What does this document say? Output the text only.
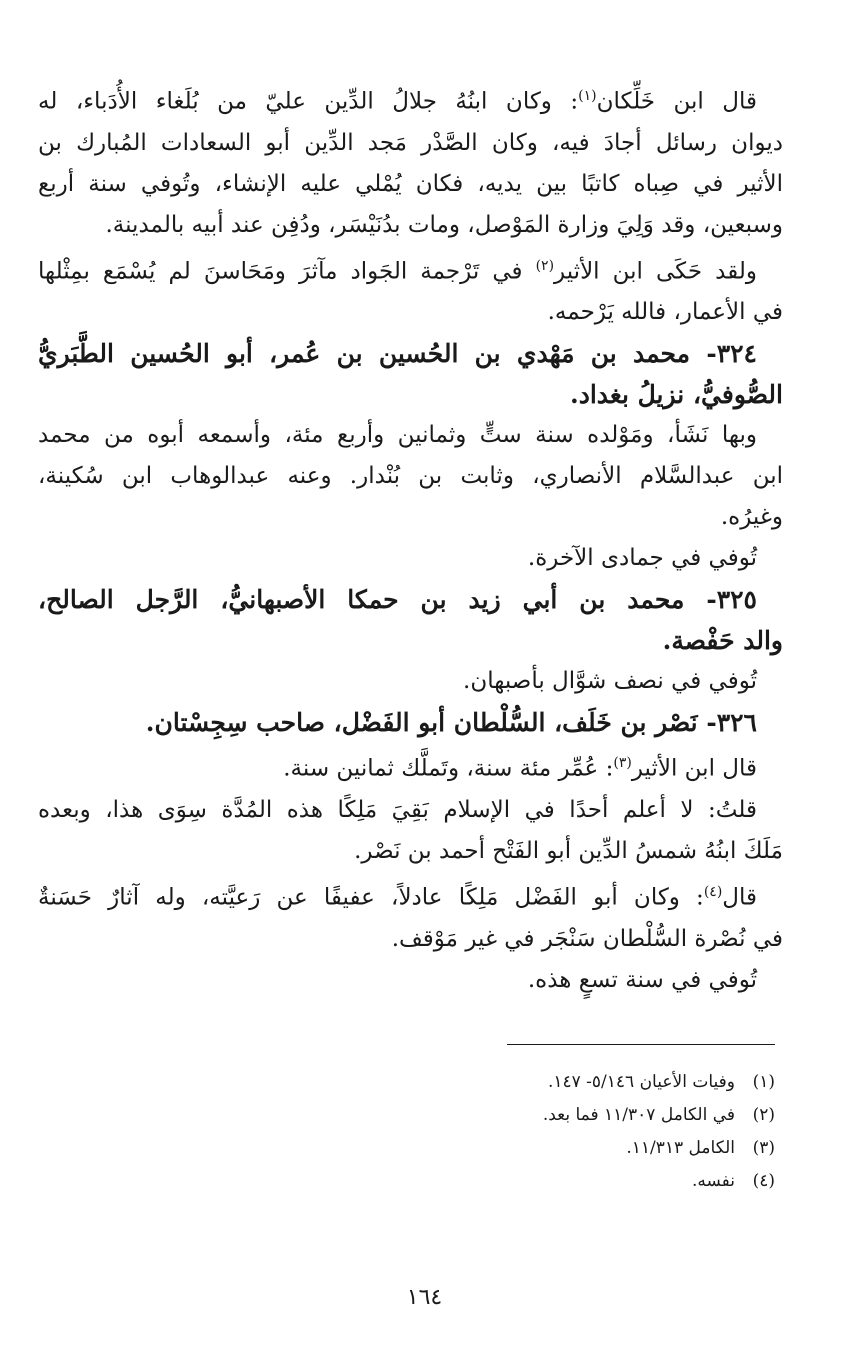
قال ابن خَلِّكان$^{(١)}$: وكان ابنُهُ جلالُ الدِّين عليّ من بُلَغاء الأُدَباء، له
ديوان رسائل أجادَ فيه، وكان الصَّدْر مَجد الدِّين أبو السعادات المُبارك بن
الأثير في صِباه كاتبًا بين يديه، فكان يُمْلي عليه الإنشاء، وتُوفي سنة أربع
وسبعين، وقد وَلِيَ وزارة المَوْصل، ومات بدُنَيْسَر، ودُفِن عند أبيه بالمدينة.
ولقد حَكَى ابن الأثير$^{(٢)}$ في تَرْجمة الجَواد مآثرَ ومَحَاسنَ لم يُسْمَع بمِثْلها
في الأعمار، فالله يَرْحمه.
٣٢٤- محمد بن مَهْدي بن الحُسين بن عُمر، أبو الحُسين الطَّبَريُّ
الصُّوفيُّ، نزيلُ بغداد.
وبها نَشَأ، ومَوْلده سنة ستٍّ وثمانين وأربع مئة، وأسمعه أبوه من محمد
ابن عبدالسَّلام الأنصاري، وثابت بن بُنْدار. وعنه عبدالوهاب ابن سُكينة،
وغيرُه.
تُوفي في جمادى الآخرة.
٣٢٥- محمد بن أبي زيد بن حمكا الأصبهانيُّ، الرَّجل الصالح،
والد حَفْصة.
تُوفي في نصف شوَّال بأصبهان.
٣٢٦- نَصْر بن خَلَف، السُّلْطان أبو الفَضْل، صاحب سِجِسْتان.
قال ابن الأثير$^{(٣)}$: عُمِّر مئة سنة، وتَملَّك ثمانين سنة.
قلتُ: لا أعلم أحدًا في الإسلام بَقِيَ مَلِكًا هذه المُدَّة سِوَى هذا، وبعده
مَلَكَ ابنُهُ شمسُ الدِّين أبو الفَتْح أحمد بن نَصْر.
قال$^{(٤)}$: وكان أبو الفَضْل مَلِكًا عادلاً، عفيفًا عن رَعيَّته، وله آثارٌ حَسَنةٌ
في نُصْرة السُّلْطان سَنْجَر في غير مَوْقف.
تُوفي في سنة تسعٍ هذه.
(١)وفيات الأعيان ٥/١٤٦- ١٤٧.
(٢)في الكامل ١١/٣٠٧ فما بعد.
(٣)الكامل ١١/٣١٣.
(٤)نفسه.
١٦٤
